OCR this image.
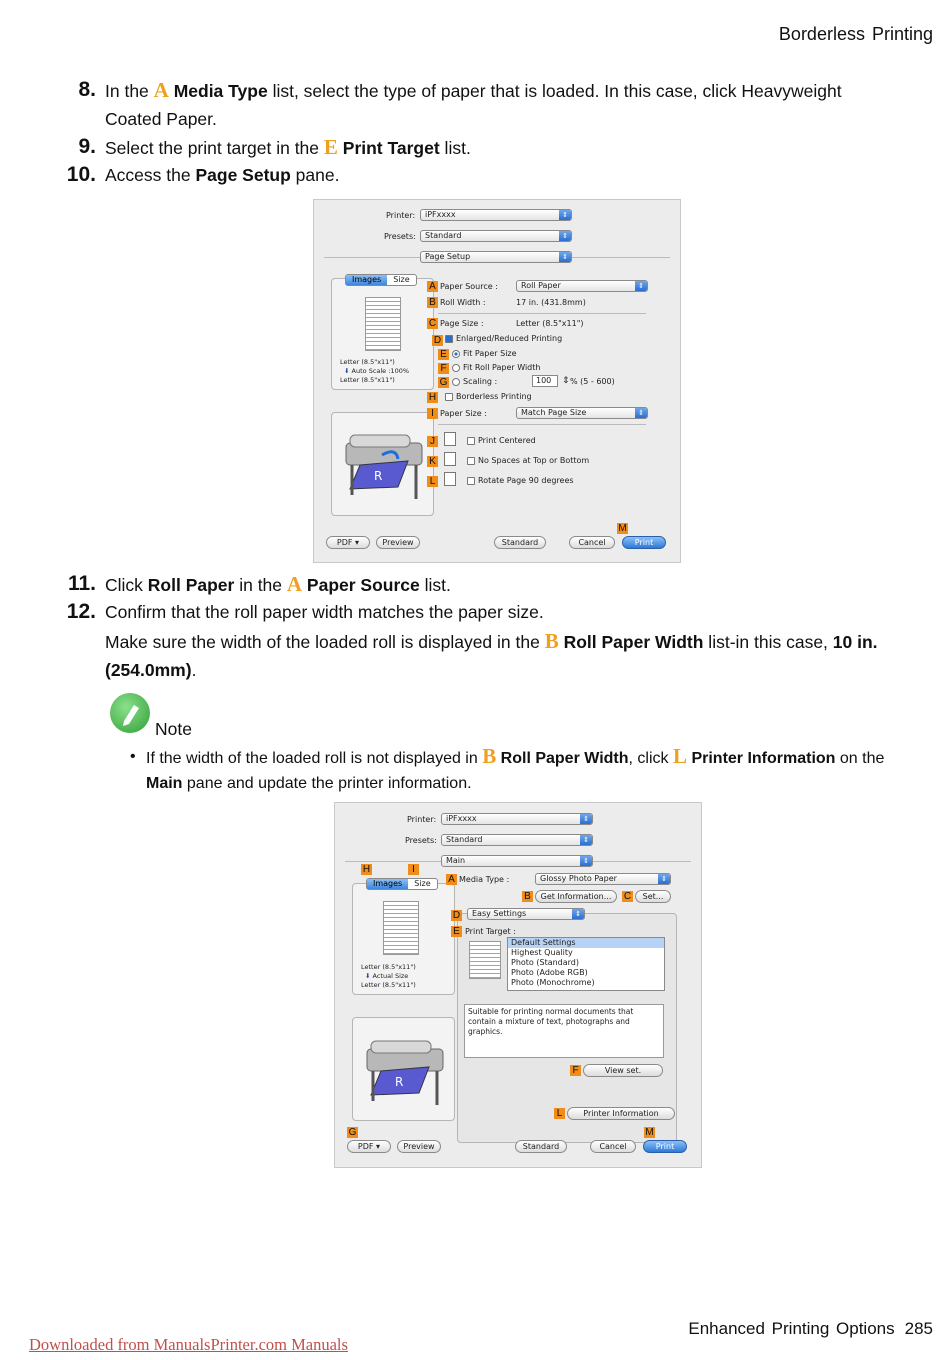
Borderless Printing
8. In the A Media Type list, select the type of paper that is loaded. In this case, click Heavyweight Coated Paper.
9. Select the print target in the E Print Target list.
10. Access the Page Setup pane.
Printer:	iPFxxxx	⇕
Presets:	Standard	⇕
Page Setup	⇕
Images Size
Letter (8.5"x11")
⬇ Auto Scale :100%
Letter (8.5"x11")
R
A Paper Source :	Roll Paper	⇕
B Roll Width :	17 in. (431.8mm)
C Page Size :	Letter (8.5"x11")
D	Enlarged/Reduced Printing
E	Fit Paper Size
F	Fit Roll Paper Width
G	Scaling :	100	⇕ % (5 - 600)
H	Borderless Printing
I Paper Size :	Match Page Size	⇕
J	Print Centered
K	No Spaces at Top or Bottom
L	Rotate Page 90 degrees
M
PDF ▾	Preview	Standard	Cancel	Print
11. Click Roll Paper in the A Paper Source list.
12. Confirm that the roll paper width matches the paper size.
Make sure the width of the loaded roll is displayed in the B Roll Paper Width list-in this case, 10 in. (254.0mm).
Note
• If the width of the loaded roll is not displayed in B Roll Paper Width, click L Printer Information on the Main pane and update the printer information.
Printer:	iPFxxxx	⇕
Presets:	Standard	⇕
Main	⇕
H	I
Images Size
Letter (8.5"x11")
⬇ Actual Size
Letter (8.5"x11")
R
A Media Type :	Glossy Photo Paper	⇕
B	Get Information...	C	Set...
D	Easy Settings	⇕
E Print Target :
Default Settings
Highest Quality
Photo (Standard)
Photo (Adobe RGB)
Photo (Monochrome)
Suitable for printing normal documents that contain a mixture of text, photographs and graphics.
F	View set.
L	Printer Information
G	M
PDF ▾	Preview	Standard	Cancel	Print
Enhanced Printing Options 285
Downloaded from ManualsPrinter.com Manuals
